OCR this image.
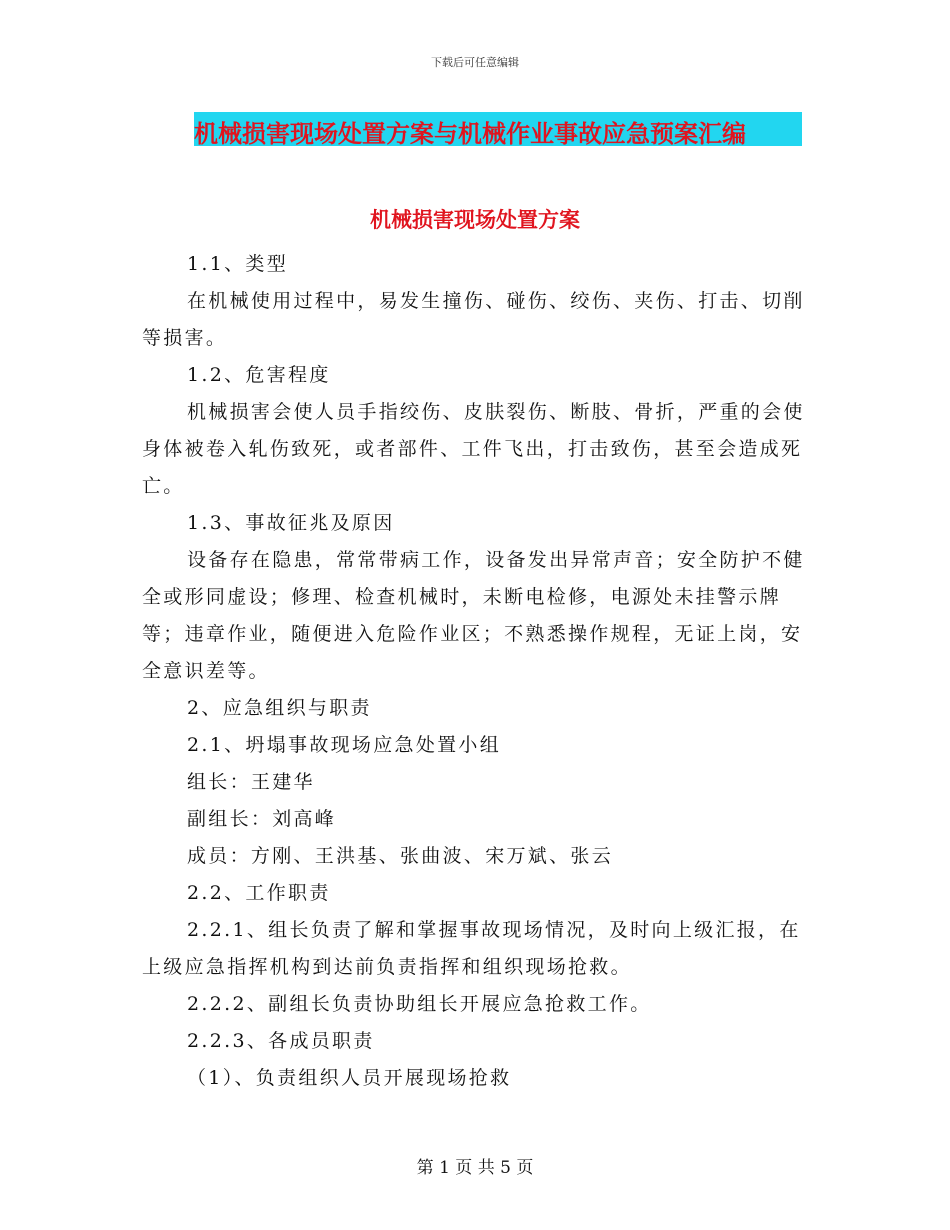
下载后可任意编辑
机械损害现场处置方案与机械作业事故应急预案汇编
机械损害现场处置方案

1.1、类型

在机械使用过程中，易发生撞伤、碰伤、绞伤、夹伤、打击、切削等损害。

1.2、危害程度

机械损害会使人员手指绞伤、皮肤裂伤、断肢、骨折，严重的会使身体被卷入轧伤致死，或者部件、工件飞出，打击致伤，甚至会造成死亡。

1.3、事故征兆及原因

设备存在隐患，常常带病工作，设备发出异常声音；安全防护不健全或形同虚设；修理、检查机械时，未断电检修，电源处未挂警示牌等；违章作业，随便进入危险作业区；不熟悉操作规程，无证上岗，安全意识差等。

2、应急组织与职责

2.1、坍塌事故现场应急处置小组

组长：王建华

副组长：刘高峰

成员：方刚、王洪基、张曲波、宋万斌、张云

2.2、工作职责

2.2.1、组长负责了解和掌握事故现场情况，及时向上级汇报，在上级应急指挥机构到达前负责指挥和组织现场抢救。

2.2.2、副组长负责协助组长开展应急抢救工作。

2.2.3、各成员职责

（1）、负责组织人员开展现场抢救

第 1 页 共 5 页
